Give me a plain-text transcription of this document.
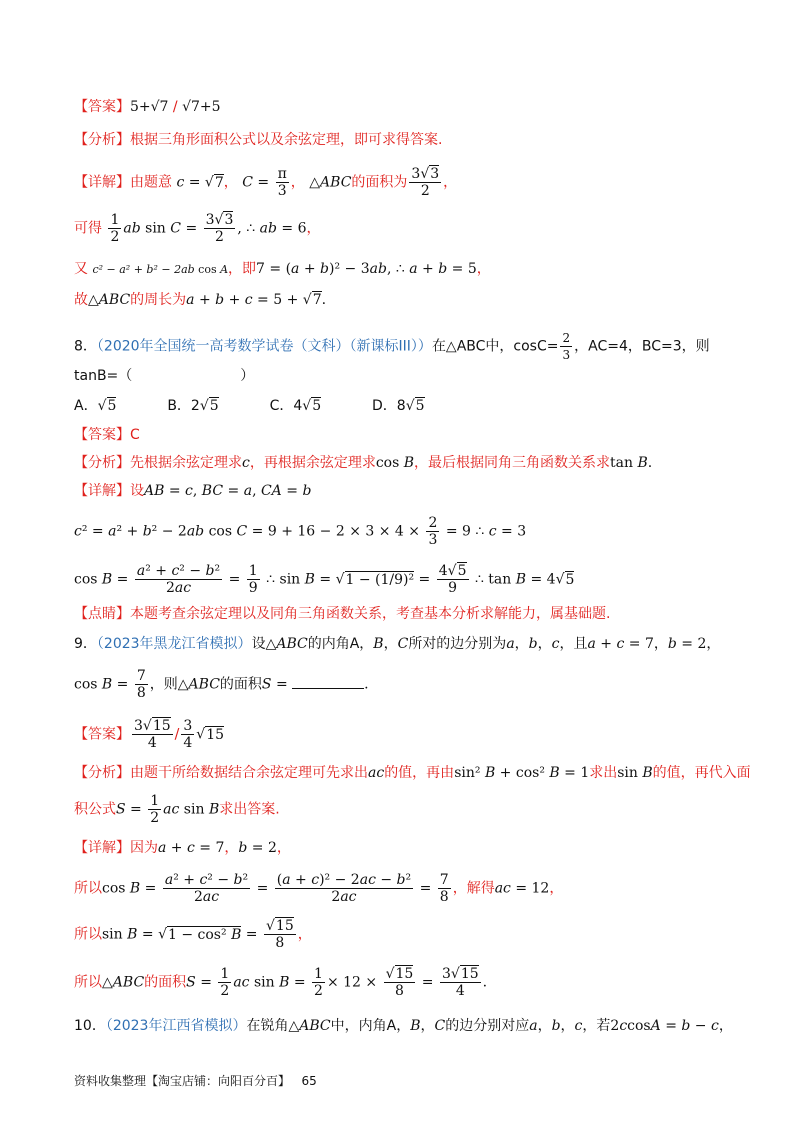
【答案】5+√7 / √7+5
【分析】根据三角形面积公式以及余弦定理，即可求得答案.
【详解】由题意 c = √7， $C = \frac{\pi}{3}$ ， △ABC的面积为 $\frac{3√3}{2}$ ，
可得 $\frac{1}{2}$ ab $\sin C = \frac{3√3}{2}$ , ∴ ab = 6，
又 c² − a² + b² − 2ab cos A，即7 = (a + b)² − 3ab, ∴ a + b = 5，
故△ABC的周长为a + b + c = 5 + √7.
8．（2020年全国统一高考数学试卷（文科）（新课标III））在△ABC中，$\cos C= \frac{2}{3}$ ，AC=4，BC=3，则
tanB=（	）
A．√5	B．2√5	C．4√5	D．8√5
【答案】C
【分析】先根据余弦定理求c，再根据余弦定理求cos B，最后根据同角三角函数关系求tan B.
【详解】设AB = c, BC = a, CA = b
c² = a² + b² − 2ab $\cos C = 9 + 16 - 2 \times 3 \times 4 \times \frac{2}{3} = 9$ ∴ c = 3
$\cos B = \frac{\text{a² + c² − b²}}{2ac} = \frac{1}{9}$ ∴ $\sin B = √1 - (1/9)^2 = \frac{4√5}{9}$ ∴ tan B = 4√5
【点睛】本题考查余弦定理以及同角三角函数关系，考查基本分析求解能力，属基础题.
9．（2023年黑龙江省模拟）设△ABC的内角A，B，C所对的边分别为a，b，c，且a + c = 7，b = 2，
$\cos B = \frac{7}{8}$ ，则△ABC的面积S =	.
【答案】 $\frac{3√15}{4} / \frac{3}{4} √15$
【分析】由题干所给数据结合余弦定理可先求出ac的值，再由sin² B + cos² B = 1求出sin B的值，再代入面
积公式$S = \frac{1}{2}$ ac sin B求出答案.
【详解】因为a + c = 7，b = 2，
所以$\cos B = \frac{\text{a² + c² − b²}}{2ac} = \frac{\text{(a + c)² − 2ac − b²}}{2ac} = \frac{7}{8}$ ，解得ac = 12，
所以sin B = √1 − cos² $B = \frac{√15}{8}$ ，
所以△ABC的面积$S = \frac{1}{2}$ ac $\sin B = \frac{1}{2} \times 12 \times \frac{√15}{8} = \frac{3√15}{4}$ .
10．（2023年江西省模拟）在锐角△ABC中，内角A，B，C的边分别对应a，b，c，若2ccosA = b − c，
资料收集整理【淘宝店铺：向阳百分百】 65
